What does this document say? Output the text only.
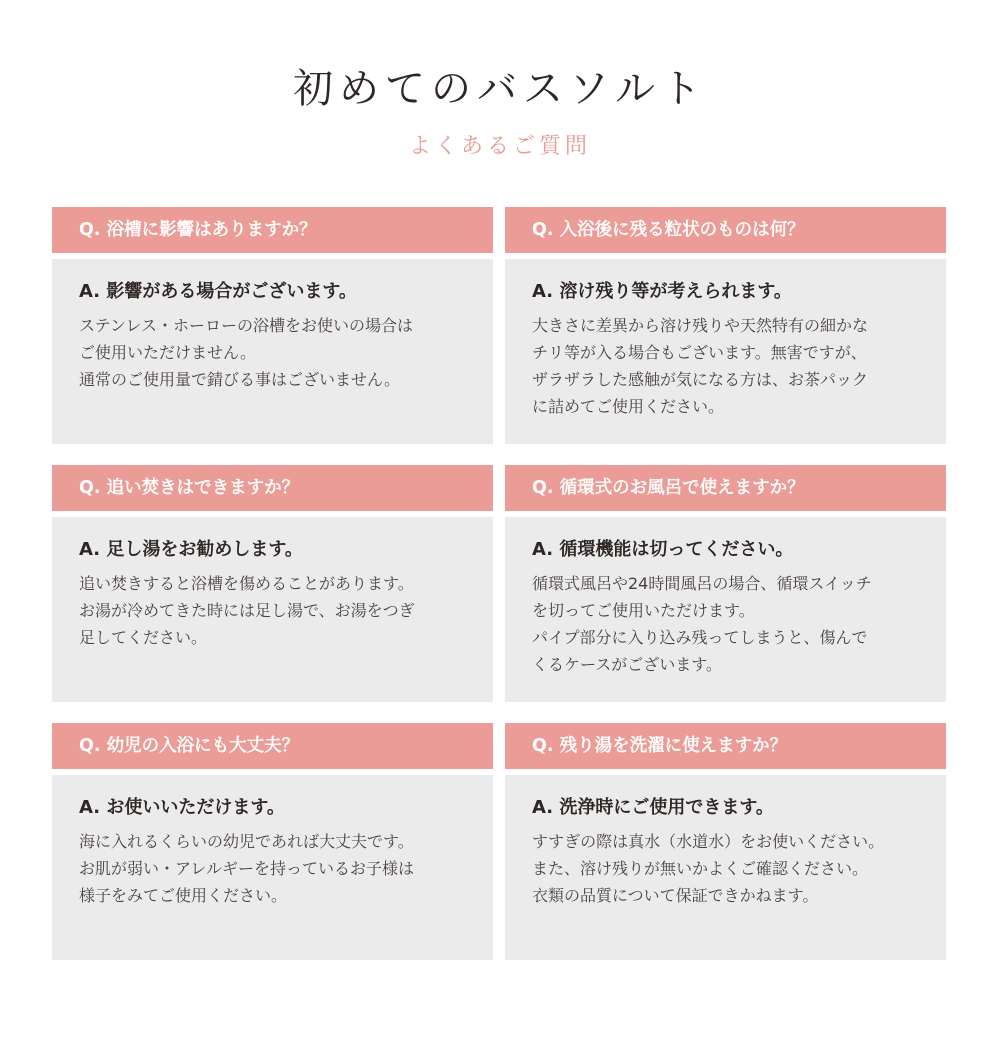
初めてのバスソルト
よくあるご質問
Q. 浴槽に影響はありますか？
A. 影響がある場合がございます。
ステンレス・ホーローの浴槽をお使いの場合は
ご使用いただけません。
通常のご使用量で錆びる事はございません。
Q. 入浴後に残る粒状のものは何？
A. 溶け残り等が考えられます。
大きさに差異から溶け残りや天然特有の細かな
チリ等が入る場合もございます。無害ですが、
ザラザラした感触が気になる方は、お茶パック
に詰めてご使用ください。
Q. 追い焚きはできますか？
A. 足し湯をお勧めします。
追い焚きすると浴槽を傷めることがあります。
お湯が冷めてきた時には足し湯で、お湯をつぎ
足してください。
Q. 循環式のお風呂で使えますか？
A. 循環機能は切ってください。
循環式風呂や24時間風呂の場合、循環スイッチ
を切ってご使用いただけます。
パイプ部分に入り込み残ってしまうと、傷んで
くるケースがございます。
Q. 幼児の入浴にも大丈夫？
A. お使いいただけます。
海に入れるくらいの幼児であれば大丈夫です。
お肌が弱い・アレルギーを持っているお子様は
様子をみてご使用ください。
Q. 残り湯を洗濯に使えますか？
A. 洗浄時にご使用できます。
すすぎの際は真水（水道水）をお使いください。
また、溶け残りが無いかよくご確認ください。
衣類の品質について保証できかねます。
